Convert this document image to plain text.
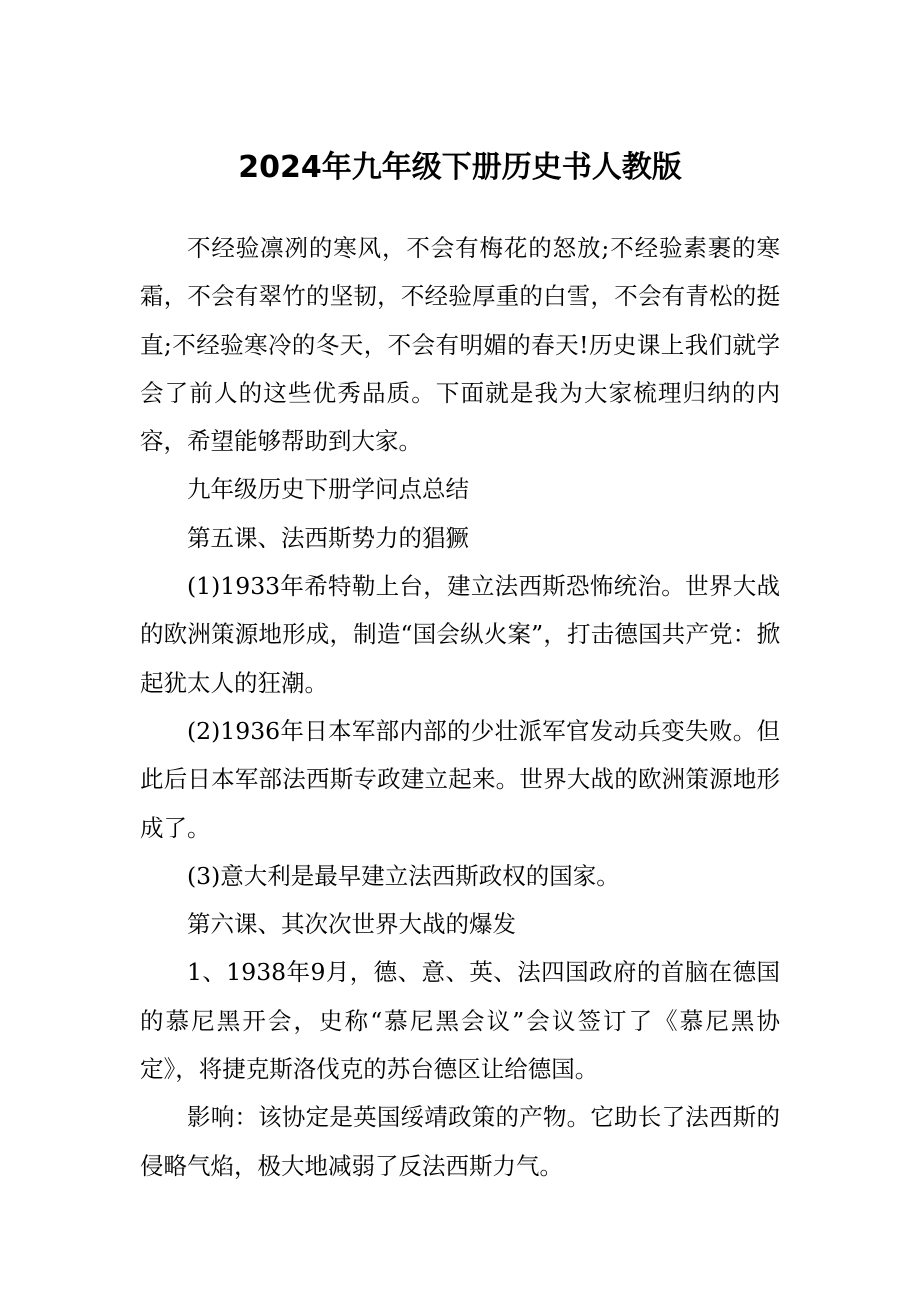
2024年九年级下册历史书人教版

不经验凛冽的寒风，不会有梅花的怒放;不经验素裹的寒霜，不会有翠竹的坚韧，不经验厚重的白雪，不会有青松的挺直;不经验寒冷的冬天，不会有明媚的春天!历史课上我们就学会了前人的这些优秀品质。下面就是我为大家梳理归纳的内容，希望能够帮助到大家。

九年级历史下册学问点总结

第五课、法西斯势力的猖獗

(1)1933年希特勒上台，建立法西斯恐怖统治。世界大战的欧洲策源地形成，制造“国会纵火案”，打击德国共产党：掀起犹太人的狂潮。

(2)1936年日本军部内部的少壮派军官发动兵变失败。但此后日本军部法西斯专政建立起来。世界大战的欧洲策源地形成了。

(3)意大利是最早建立法西斯政权的国家。

第六课、其次次世界大战的爆发

1、1938年9月，德、意、英、法四国政府的首脑在德国的慕尼黑开会，史称“慕尼黑会议”会议签订了《慕尼黑协定》，将捷克斯洛伐克的苏台德区让给德国。

影响：该协定是英国绥靖政策的产物。它助长了法西斯的侵略气焰，极大地减弱了反法西斯力气。
